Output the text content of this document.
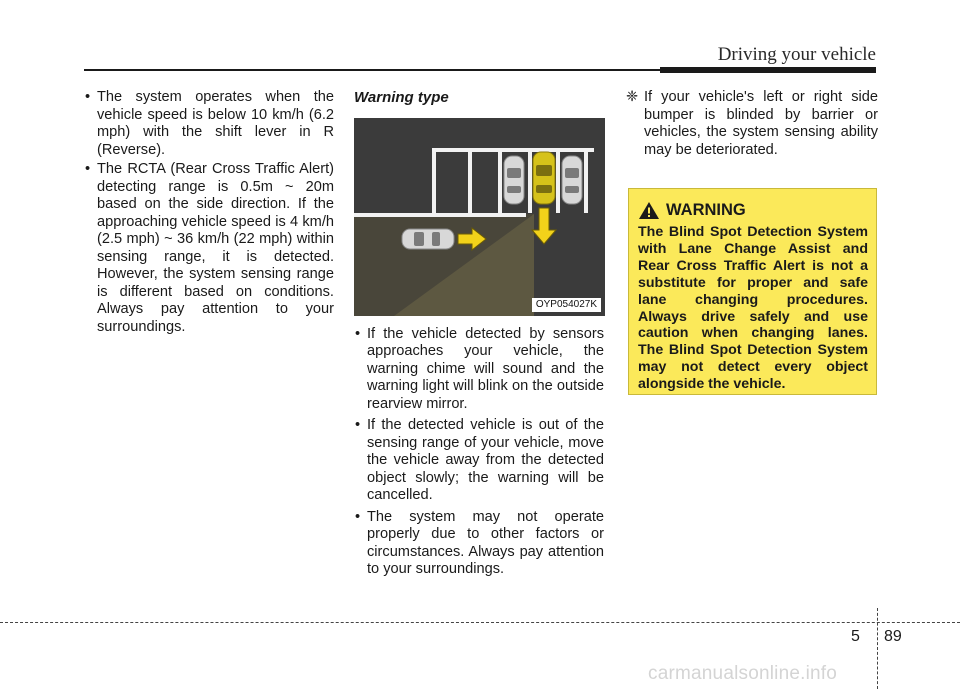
Driving your vehicle
• The system operates when the vehicle speed is below 10 km/h (6.2 mph) with the shift lever in R (Reverse).
• The RCTA (Rear Cross Traffic Alert) detecting range is 0.5m ~ 20m based on the side direction. If the approaching vehicle speed is 4 km/h (2.5 mph) ~ 36 km/h (22 mph) within sensing range, it is detected. However, the system sensing range is different based on conditions. Always pay attention to your surroundings.
Warning type
OYP054027K
• If the vehicle detected by sensors approaches your vehicle, the warning chime will sound and the warning light will blink on the outside rearview mirror.
• If the detected vehicle is out of the sensing range of your vehicle, move the vehicle away from the detected object slowly; the warning will be cancelled.
• The system may not operate properly due to other factors or circumstances. Always pay attention to your surroundings.
❈ If your vehicle's left or right side bumper is blinded by barrier or vehicles, the system sensing ability may be deteriorated.
WARNING
The Blind Spot Detection System with Lane Change Assist and Rear Cross Traffic Alert is not a substitute for proper and safe lane changing procedures. Always drive safely and use caution when changing lanes. The Blind Spot Detection System may not detect every object alongside the vehicle.
5 89
carmanualsonline.info
